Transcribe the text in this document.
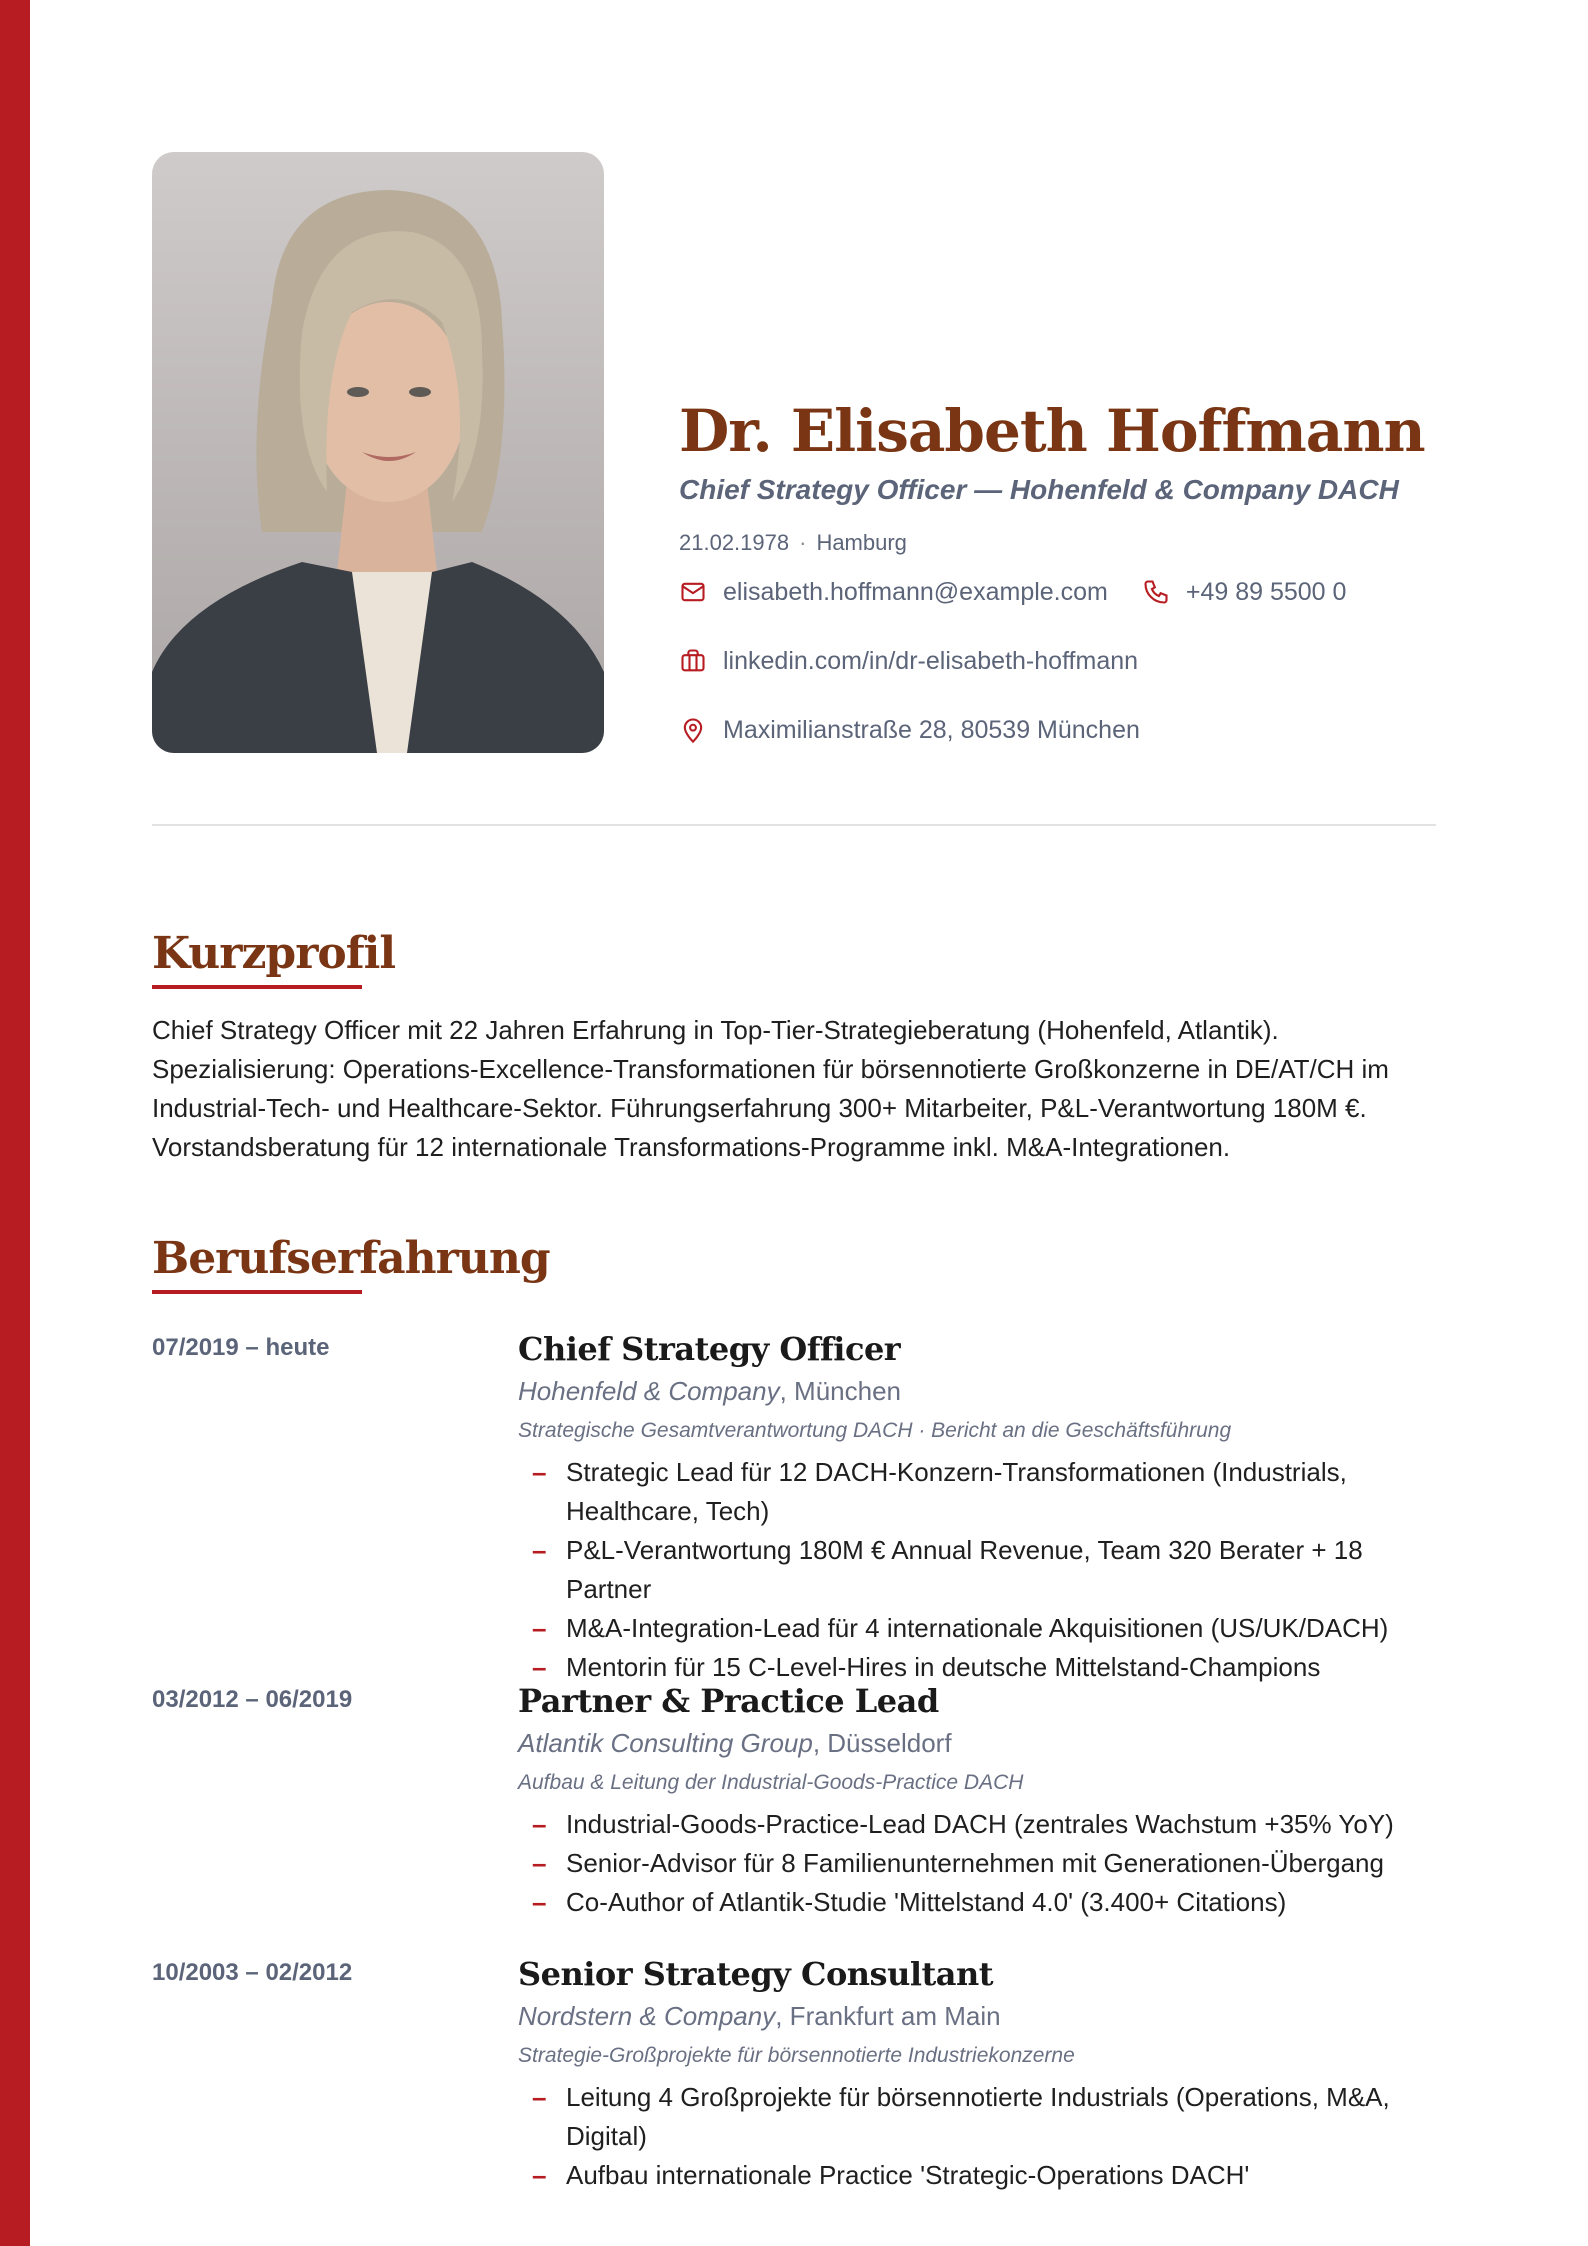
Dr. Elisabeth Hoffmann
Chief Strategy Officer — Hohenfeld & Company DACH
21.02.1978 · Hamburg
elisabeth.hoffmann@example.com	+49 89 5500 0
linkedin.com/in/dr-elisabeth-hoffmann
Maximilianstraße 28, 80539 München
Kurzprofil
Chief Strategy Officer mit 22 Jahren Erfahrung in Top-Tier-Strategieberatung (Hohenfeld, Atlantik). Spezialisierung: Operations-Excellence-Transformationen für börsennotierte Großkonzerne in DE/AT/CH im Industrial-Tech- und Healthcare-Sektor. Führungserfahrung 300+ Mitarbeiter, P&L-Verantwortung 180M €. Vorstandsberatung für 12 internationale Transformations-Programme inkl. M&A-Integrationen.
Berufserfahrung
07/2019 – heute	Chief Strategy Officer
Hohenfeld & Company, München
Strategische Gesamtverantwortung DACH · Bericht an die Geschäftsführung
– Strategic Lead für 12 DACH-Konzern-Transformationen (Industrials, Healthcare, Tech)
– P&L-Verantwortung 180M € Annual Revenue, Team 320 Berater + 18 Partner
– M&A-Integration-Lead für 4 internationale Akquisitionen (US/UK/DACH)
– Mentorin für 15 C-Level-Hires in deutsche Mittelstand-Champions
03/2012 – 06/2019	Partner & Practice Lead
Atlantik Consulting Group, Düsseldorf
Aufbau & Leitung der Industrial-Goods-Practice DACH
– Industrial-Goods-Practice-Lead DACH (zentrales Wachstum +35% YoY)
– Senior-Advisor für 8 Familienunternehmen mit Generationen-Übergang
– Co-Author of Atlantik-Studie 'Mittelstand 4.0' (3.400+ Citations)
10/2003 – 02/2012	Senior Strategy Consultant
Nordstern & Company, Frankfurt am Main
Strategie-Großprojekte für börsennotierte Industriekonzerne
– Leitung 4 Großprojekte für börsennotierte Industrials (Operations, M&A, Digital)
– Aufbau internationale Practice 'Strategic-Operations DACH'
